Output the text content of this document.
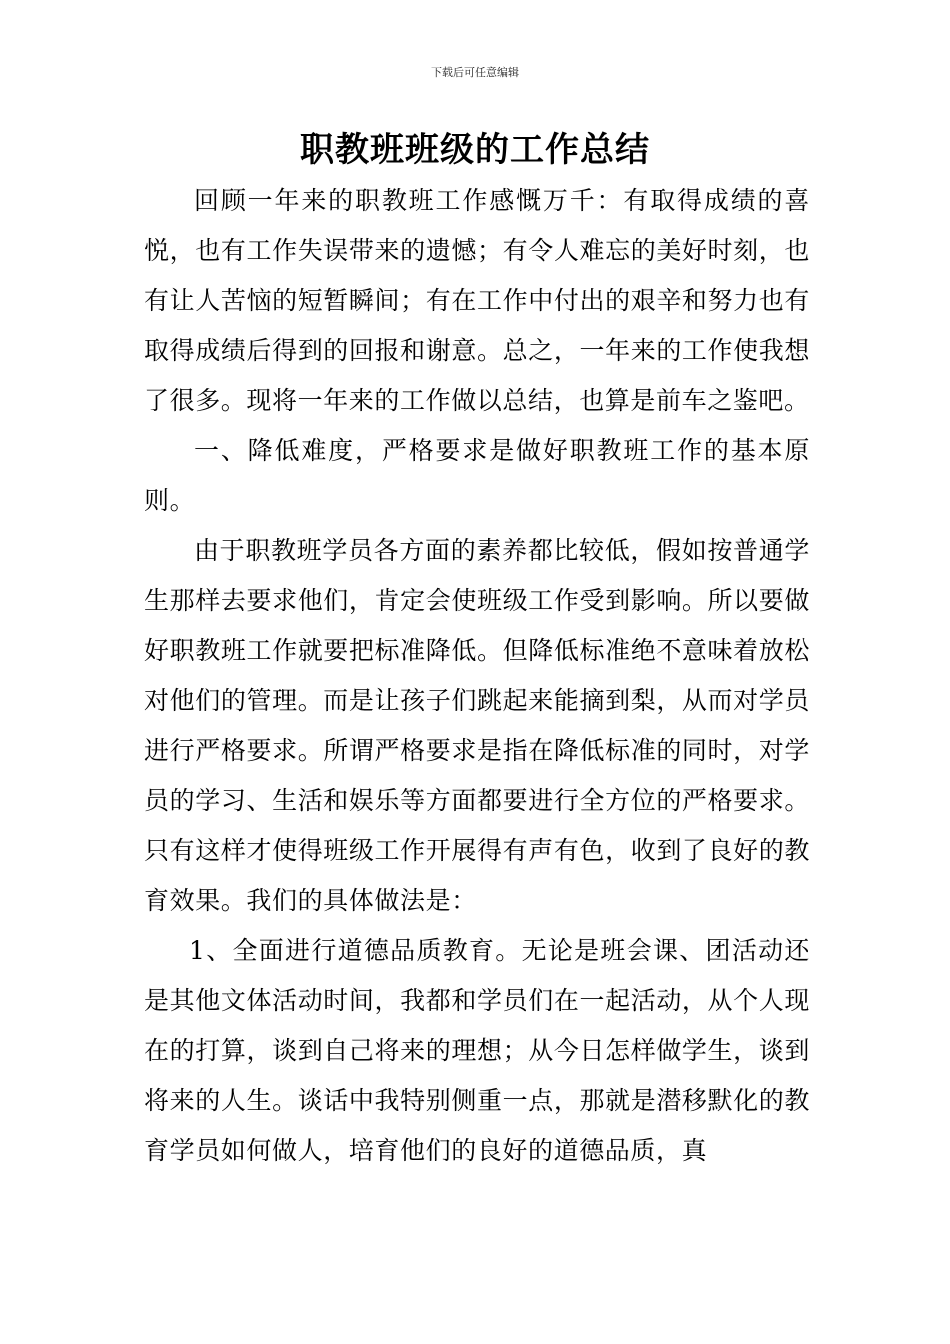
下载后可任意编辑
职教班班级的工作总结

回顾一年来的职教班工作感慨万千：有取得成绩的喜悦，也有工作失误带来的遗憾；有令人难忘的美好时刻，也有让人苦恼的短暂瞬间；有在工作中付出的艰辛和努力也有取得成绩后得到的回报和谢意。总之，一年来的工作使我想了很多。现将一年来的工作做以总结，也算是前车之鉴吧。

一、降低难度，严格要求是做好职教班工作的基本原则。

由于职教班学员各方面的素养都比较低，假如按普通学生那样去要求他们，肯定会使班级工作受到影响。所以要做好职教班工作就要把标准降低。但降低标准绝不意味着放松对他们的管理。而是让孩子们跳起来能摘到梨，从而对学员进行严格要求。所谓严格要求是指在降低标准的同时，对学员的学习、生活和娱乐等方面都要进行全方位的严格要求。只有这样才使得班级工作开展得有声有色，收到了良好的教育效果。我们的具体做法是：

1、全面进行道德品质教育。无论是班会课、团活动还是其他文体活动时间，我都和学员们在一起活动，从个人现在的打算，谈到自己将来的理想；从今日怎样做学生，谈到将来的人生。谈话中我特别侧重一点，那就是潜移默化的教育学员如何做人，培育他们的良好的道德品质，真
